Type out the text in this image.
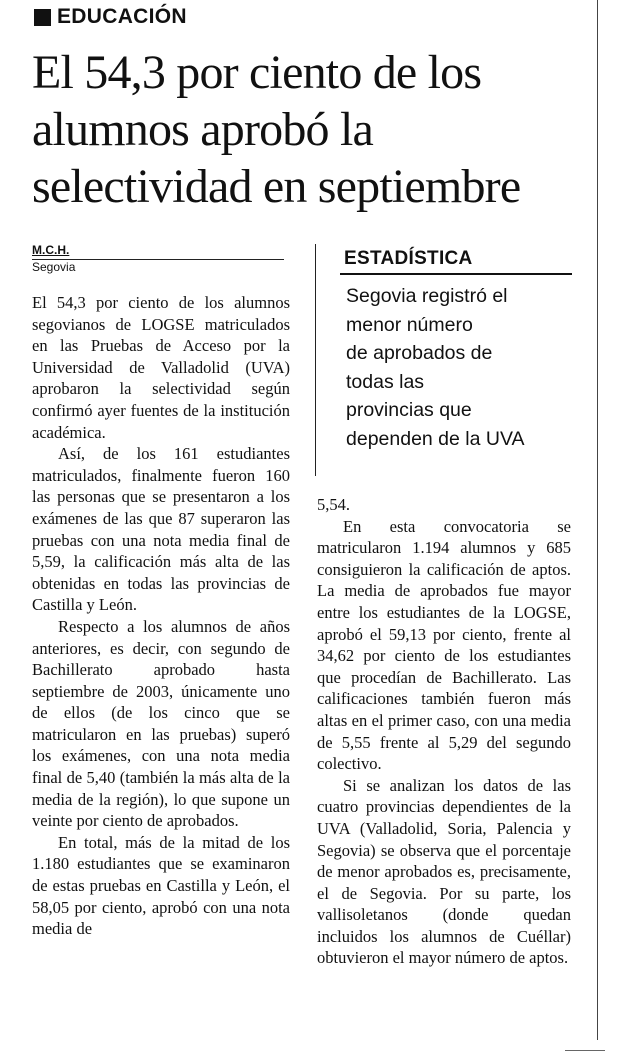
EDUCACIÓN
El 54,3 por ciento de los
alumnos aprobó la
selectividad en septiembre
M.C.H.
Segovia	ESTADÍSTICA
Segovia registró el
menor número
de aprobados de
todas las
provincias que
dependen de la UVA

El 54,3 por ciento de los alumnos segovianos de LOGSE matriculados en las Pruebas de Acceso por la Universidad de Valladolid (UVA) aprobaron la selectividad según confirmó ayer fuentes de la institución académica.

Así, de los 161 estudiantes matriculados, finalmente fueron 160 las personas que se presentaron a los exámenes de las que 87 superaron las pruebas con una nota media final de 5,59, la calificación más alta de las obtenidas en todas las provincias de Castilla y León.

Respecto a los alumnos de años anteriores, es decir, con segundo de Bachillerato aprobado hasta septiembre de 2003, únicamente uno de ellos (de los cinco que se matricularon en las pruebas) superó los exámenes, con una nota media final de 5,40 (también la más alta de la media de la región), lo que supone un veinte por ciento de aprobados.

En total, más de la mitad de los 1.180 estudiantes que se examinaron de estas pruebas en Castilla y León, el 58,05 por ciento, aprobó con una nota media de

5,54.

En esta convocatoria se matricularon 1.194 alumnos y 685 consiguieron la calificación de aptos. La media de aprobados fue mayor entre los estudiantes de la LOGSE, aprobó el 59,13 por ciento, frente al 34,62 por ciento de los estudiantes que procedían de Bachillerato. Las calificaciones también fueron más altas en el primer caso, con una media de 5,55 frente al 5,29 del segundo colectivo.

Si se analizan los datos de las cuatro provincias dependientes de la UVA (Valladolid, Soria, Palencia y Segovia) se observa que el porcentaje de menor aprobados es, precisamente, el de Segovia. Por su parte, los vallisoletanos (donde quedan incluidos los alumnos de Cuéllar) obtuvieron el mayor número de aptos.
